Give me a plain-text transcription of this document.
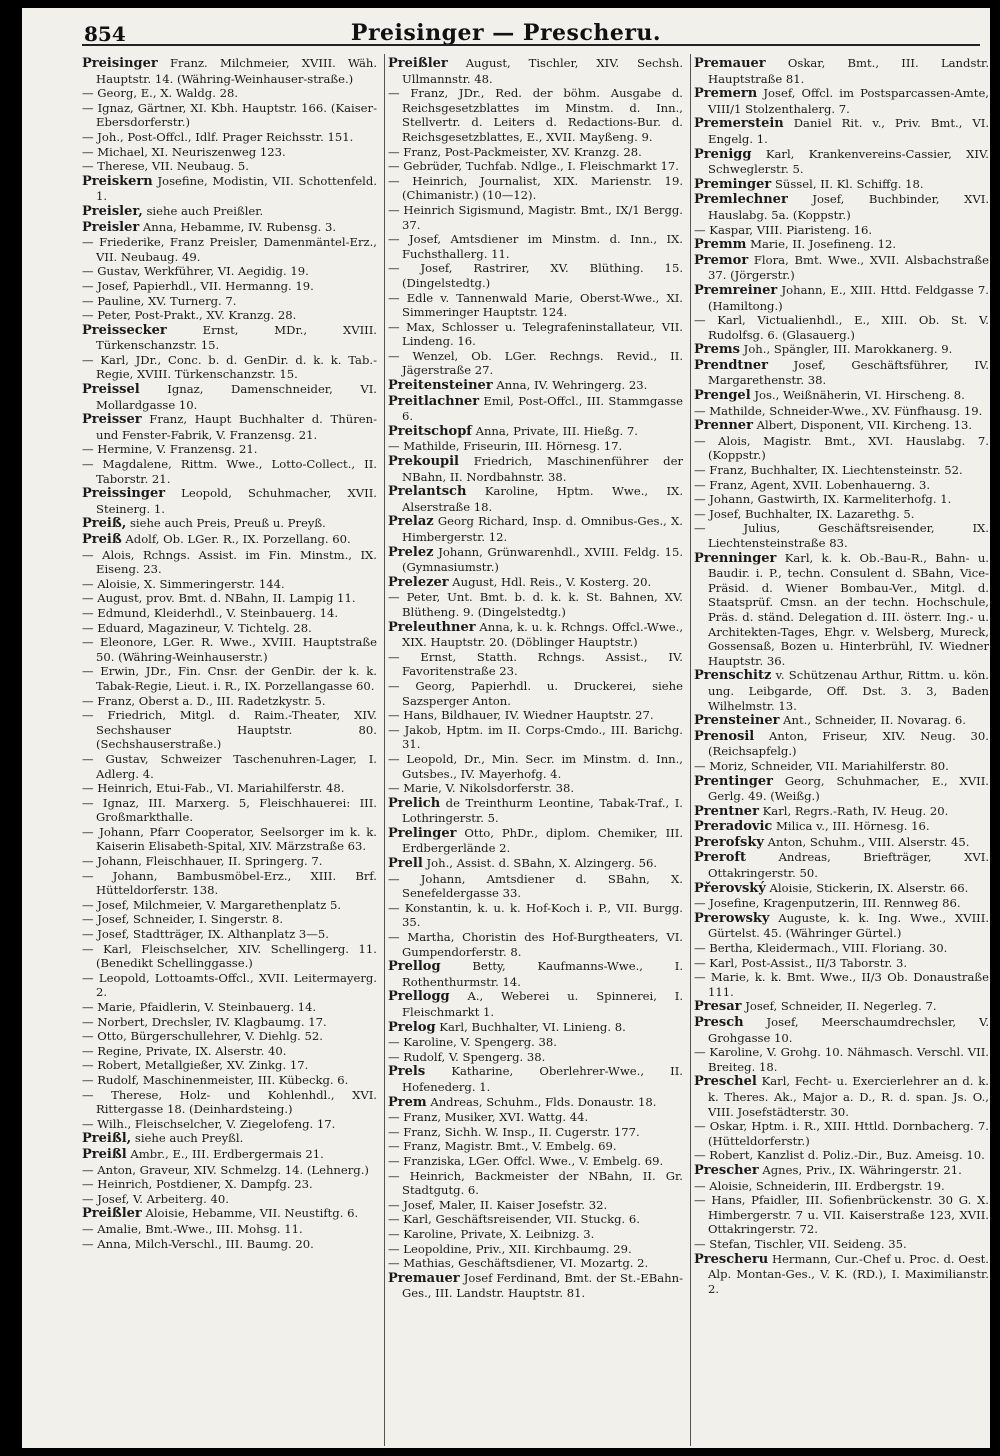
854	Preisinger — Prescheru.

Preisinger Franz. Milchmeier, XVIII. Wäh. Hauptstr. 14. (Währing-Weinhauser-straße.)

— Georg, E., X. Waldg. 28.

— Ignaz, Gärtner, XI. Kbh. Hauptstr. 166. (Kaiser-Ebersdorferstr.)

— Joh., Post-Offcl., Idlf. Prager Reichsstr. 151.

— Michael, XI. Neuriszenweg 123.

— Therese, VII. Neubaug. 5.

Preiskern Josefine, Modistin, VII. Schottenfeld. 1.

Preisler, siehe auch Preißler.

Preisler Anna, Hebamme, IV. Rubensg. 3.

— Friederike, Franz Preisler, Damenmäntel-Erz., VII. Neubaug. 49.

— Gustav, Werkführer, VI. Aegidig. 19.

— Josef, Papierhdl., VII. Hermanng. 19.

— Pauline, XV. Turnerg. 7.

— Peter, Post-Prakt., XV. Kranzg. 28.

Preissecker	Ernst, MDr., XVIII. Türkenschanzstr. 15.

— Karl, JDr., Conc. b. d. GenDir. d. k. k. Tab.-Regie, XVIII. Türkenschanzstr. 15.

Preissel Ignaz, Damenschneider, VI. Mollardgasse 10.

Preisser Franz, Haupt Buchhalter d. Thüren- und Fenster-Fabrik, V. Franzensg. 21.

— Hermine, V. Franzensg. 21.

— Magdalene, Rittm. Wwe., Lotto-Collect., II. Taborstr. 21.

Preissinger Leopold, Schuhmacher, XVII. Steinerg. 1.

Preiß, siehe auch Preis, Preuß u. Preyß.

Preiß Adolf, Ob. LGer. R., IX. Porzellang. 60.

— Alois, Rchngs. Assist. im Fin. Minstm., IX. Eiseng. 23.

— Aloisie, X. Simmeringerstr. 144.

— August, prov. Bmt. d. NBahn, II. Lampig 11.

— Edmund, Kleiderhdl., V. Steinbauerg. 14.

— Eduard, Magazineur, V. Tichtelg. 28.

— Eleonore, LGer. R. Wwe., XVIII. Hauptstraße 50. (Währing-Weinhauserstr.)

— Erwin, JDr., Fin. Cnsr. der GenDir. der k. k. Tabak-Regie, Lieut. i. R., IX. Porzellangasse 60.

— Franz, Oberst a. D., III. Radetzkystr. 5.

— Friedrich, Mitgl. d. Raim.-Theater, XIV. Sechshauser Hauptstr. 80. (Sechshauserstraße.)

— Gustav, Schweizer Taschenuhren-Lager, I. Adlerg. 4.

— Heinrich, Etui-Fab., VI. Mariahilferstr. 48.

— Ignaz, III. Marxerg. 5, Fleischhauerei: III. Großmarkthalle.

— Johann, Pfarr Cooperator, Seelsorger im k. k. Kaiserin Elisabeth-Spital, XIV. Märzstraße 63.

— Johann, Fleischhauer, II. Springerg. 7.

— Johann, Bambusmöbel-Erz., XIII. Brf. Hütteldorferstr. 138.

— Josef, Milchmeier, V. Margarethenplatz 5.

— Josef, Schneider, I. Singerstr. 8.

— Josef, Stadtträger, IX. Althanplatz 3—5.

— Karl, Fleischselcher, XIV. Schellingerg. 11. (Benedikt Schellinggasse.)

— Leopold, Lottoamts-Offcl., XVII. Leitermayerg. 2.

— Marie, Pfaidlerin, V. Steinbauerg. 14.

— Norbert, Drechsler, IV. Klagbaumg. 17.

— Otto, Bürgerschullehrer, V. Diehlg. 52.

— Regine, Private, IX. Alserstr. 40.

— Robert, Metallgießer, XV. Zinkg. 17.

— Rudolf, Maschinenmeister, III. Kübeckg. 6.

— Therese, Holz- und Kohlenhdl., XVI. Rittergasse 18. (Deinhardsteing.)

— Wilh., Fleischselcher, V. Ziegelofeng. 17.

Preißl, siehe auch Preyßl.

Preißl Ambr., E., III. Erdbergermais 21.

— Anton, Graveur, XIV. Schmelzg. 14. (Lehnerg.)

— Heinrich, Postdiener, X. Dampfg. 23.

— Josef, V. Arbeiterg. 40.

Preißler Aloisie, Hebamme, VII. Neustiftg. 6.

— Amalie, Bmt.-Wwe., III. Mohsg. 11.

— Anna, Milch-Verschl., III. Baumg. 20.

Preißler August, Tischler, XIV. Sechsh. Ullmannstr. 48.

— Franz, JDr., Red. der böhm. Ausgabe d. Reichsgesetzblattes im Minstm. d. Inn., Stellvertr. d. Leiters d. Redactions-Bur. d. Reichsgesetzblattes, E., XVII. Mayßeng. 9.

— Franz, Post-Packmeister, XV. Kranzg. 28.

— Gebrüder, Tuchfab. Ndlge., I. Fleischmarkt 17.

— Heinrich, Journalist, XIX. Marienstr. 19. (Chimanistr.) (10—12).

— Heinrich Sigismund, Magistr. Bmt., IX/1 Bergg. 37.

— Josef, Amtsdiener im Minstm. d. Inn., IX. Fuchsthallerg. 11.

— Josef, Rastrirer, XV. Blüthing. 15. (Dingelstedtg.)

— Edle v. Tannenwald Marie, Oberst-Wwe., XI. Simmeringer Hauptstr. 124.

— Max, Schlosser u. Telegrafeninstallateur, VII. Lindeng. 16.

— Wenzel, Ob. LGer. Rechngs. Revid., II. Jägerstraße 27.

Preitensteiner Anna, IV. Wehringerg. 23.

Preitlachner Emil, Post-Offcl., III. Stammgasse 6.

Preitschopf Anna, Private, III. Hießg. 7.

— Mathilde, Friseurin, III. Hörnesg. 17.

Prekoupil Friedrich, Maschinenführer der NBahn, II. Nordbahnstr. 38.

Prelantsch Karoline, Hptm. Wwe., IX. Alserstraße 18.

Prelaz Georg Richard, Insp. d. Omnibus-Ges., X. Himbergerstr. 12.

Prelez Johann, Grünwarenhdl., XVIII. Feldg. 15. (Gymnasiumstr.)

Prelezer August, Hdl. Reis., V. Kosterg. 20.

— Peter, Unt. Bmt. b. d. k. k. St. Bahnen, XV. Blütheng. 9. (Dingelstedtg.)

Preleuthner Anna, k. u. k. Rchngs. Offcl.-Wwe., XIX. Hauptstr. 20. (Döblinger Hauptstr.)

— Ernst, Statth. Rchngs. Assist., IV. Favoritenstraße 23.

— Georg, Papierhdl. u. Druckerei, siehe Sazsperger Anton.

— Hans, Bildhauer, IV. Wiedner Hauptstr. 27.

— Jakob, Hptm. im II. Corps-Cmdo., III. Barichg. 31.

— Leopold, Dr., Min. Secr. im Minstm. d. Inn., Gutsbes., IV. Mayerhofg. 4.

— Marie, V. Nikolsdorferstr. 38.

Prelich de Treinthurm Leontine, Tabak-Traf., I. Lothringerstr. 5.

Prelinger Otto, PhDr., diplom. Chemiker, III. Erdbergerlände 2.

Prell Joh., Assist. d. SBahn, X. Alzingerg. 56.

— Johann, Amtsdiener d. SBahn, X. Senefeldergasse 33.

— Konstantin, k. u. k. Hof-Koch i. P., VII. Burgg. 35.

— Martha, Choristin des Hof-Burgtheaters, VI. Gumpendorferstr. 8.

Prellog	Betty, Kaufmanns-Wwe., I. Rothenthurmstr. 14.

Prellogg A., Weberei u. Spinnerei, I. Fleischmarkt 1.

Prelog Karl, Buchhalter, VI. Linieng. 8.

— Karoline, V. Spengerg. 38.

— Rudolf, V. Spengerg. 38.

Prels Katharine, Oberlehrer-Wwe., II. Hofenederg. 1.

Prem Andreas, Schuhm., Flds. Donaustr. 18.

— Franz, Musiker, XVI. Wattg. 44.

— Franz, Sichh. W. Insp., II. Cugerstr. 177.

— Franz, Magistr. Bmt., V. Embelg. 69.

— Franziska, LGer. Offcl. Wwe., V. Embelg. 69.

— Heinrich, Backmeister der NBahn, II. Gr. Stadtgutg. 6.

— Josef, Maler, II. Kaiser Josefstr. 32.

— Karl, Geschäftsreisender, VII. Stuckg. 6.

— Karoline, Private, X. Leibnizg. 3.

— Leopoldine, Priv., XII. Kirchbaumg. 29.

— Mathias, Geschäftsdiener, VI. Mozartg. 2.

Premauer Josef Ferdinand, Bmt. der St.-EBahn-Ges., III. Landstr. Hauptstr. 81.

Premauer Oskar, Bmt., III. Landstr. Hauptstraße 81.

Premern Josef, Offcl. im Postsparcassen-Amte, VIII/1 Stolzenthalerg. 7.

Premerstein Daniel Rit. v., Priv. Bmt., VI. Engelg. 1.

Prenigg Karl, Krankenvereins-Cassier, XIV. Schweglerstr. 5.

Preminger Süssel, II. Kl. Schiffg. 18.

Premlechner Josef, Buchbinder, XVI. Hauslabg. 5a. (Koppstr.)

— Kaspar, VIII. Piaristeng. 16.

Premm Marie, II. Josefineng. 12.

Premor Flora, Bmt. Wwe., XVII. Alsbachstraße 37. (Jörgerstr.)

Premreiner Johann, E., XIII. Httd. Feldgasse 7. (Hamiltong.)

— Karl, Victualienhdl., E., XIII. Ob. St. V. Rudolfsg. 6. (Glasauerg.)

Prems Joh., Spängler, III. Marokkanerg. 9.

Prendtner Josef, Geschäftsführer, IV. Margarethenstr. 38.

Prengel Jos., Weißnäherin, VI. Hirscheng. 8.

— Mathilde, Schneider-Wwe., XV. Fünfhausg. 19.

Prenner Albert, Disponent, VII. Kircheng. 13.

— Alois, Magistr. Bmt., XVI. Hauslabg. 7. (Koppstr.)

— Franz, Buchhalter, IX. Liechtensteinstr. 52.

— Franz, Agent, XVII. Lobenhauerng. 3.

— Johann, Gastwirth, IX. Karmeliterhofg. 1.

— Josef, Buchhalter, IX. Lazarethg. 5.

— Julius, Geschäftsreisender, IX. Liechtensteinstraße 83.

Prenninger Karl, k. k. Ob.-Bau-R., Bahn- u. Baudir. i. P., techn. Consulent d. SBahn, Vice-Präsid. d. Wiener Bombau-Ver., Mitgl. d. Staatsprüf. Cmsn. an der techn. Hochschule, Präs. d. ständ. Delegation d. III. österr. Ing.- u. Architekten-Tages, Ehgr. v. Welsberg, Mureck, Gossensaß, Bozen u. Hinterbrühl, IV. Wiedner Hauptstr. 36.

Prenschitz v. Schützenau Arthur, Rittm. u. kön. ung. Leibgarde, Off. Dst. 3. 3, Baden Wilhelmstr. 13.

Prensteiner Ant., Schneider, II. Novarag. 6.

Prenosil Anton, Friseur, XIV. Neug. 30. (Reichsapfelg.)

— Moriz, Schneider, VII. Mariahilferstr. 80.

Prentinger Georg, Schuhmacher, E., XVII. Gerlg. 49. (Weißg.)

Prentner Karl, Regrs.-Rath, IV. Heug. 20.

Preradovic Milica v., III. Hörnesg. 16.

Prerofsky Anton, Schuhm., VIII. Alserstr. 45.

Preroft	Andreas, Briefträger, XVI. Ottakringerstr. 50.

Přerovský Aloisie, Stickerin, IX. Alserstr. 66.

— Josefine, Kragenputzerin, III. Rennweg 86.

Prerowsky Auguste, k. k. Ing. Wwe., XVIII. Gürtelst. 45. (Währinger Gürtel.)

— Bertha, Kleidermach., VIII. Floriang. 30.

— Karl, Post-Assist., II/3 Taborstr. 3.

— Marie, k. k. Bmt. Wwe., II/3 Ob. Donaustraße 111.

Presar Josef, Schneider, II. Negerleg. 7.

Presch Josef, Meerschaumdrechsler, V. Grohgasse 10.

— Karoline, V. Grohg. 10. Nähmasch. Verschl. VII. Breiteg. 18.

Preschel Karl, Fecht- u. Exercierlehrer an d. k. k. Theres. Ak., Major a. D., R. d. span. Js. O., VIII. Josefstädterstr. 30.

— Oskar, Hptm. i. R., XIII. Httld. Dornbacherg. 7. (Hütteldorferstr.)

— Robert, Kanzlist d. Poliz.-Dir., Buz. Ameisg. 10.

Prescher Agnes, Priv., IX. Währingerstr. 21.

— Aloisie, Schneiderin, III. Erdbergstr. 19.

— Hans, Pfaidler, III. Sofienbrückenstr. 30 G. X. Himbergerstr. 7 u. VII. Kaiserstraße 123, XVII. Ottakringerstr. 72.

— Stefan, Tischler, VII. Seideng. 35.

Prescheru Hermann, Cur.-Chef u. Proc. d. Oest. Alp. Montan-Ges., V. K. (RD.), I. Maximilianstr. 2.
